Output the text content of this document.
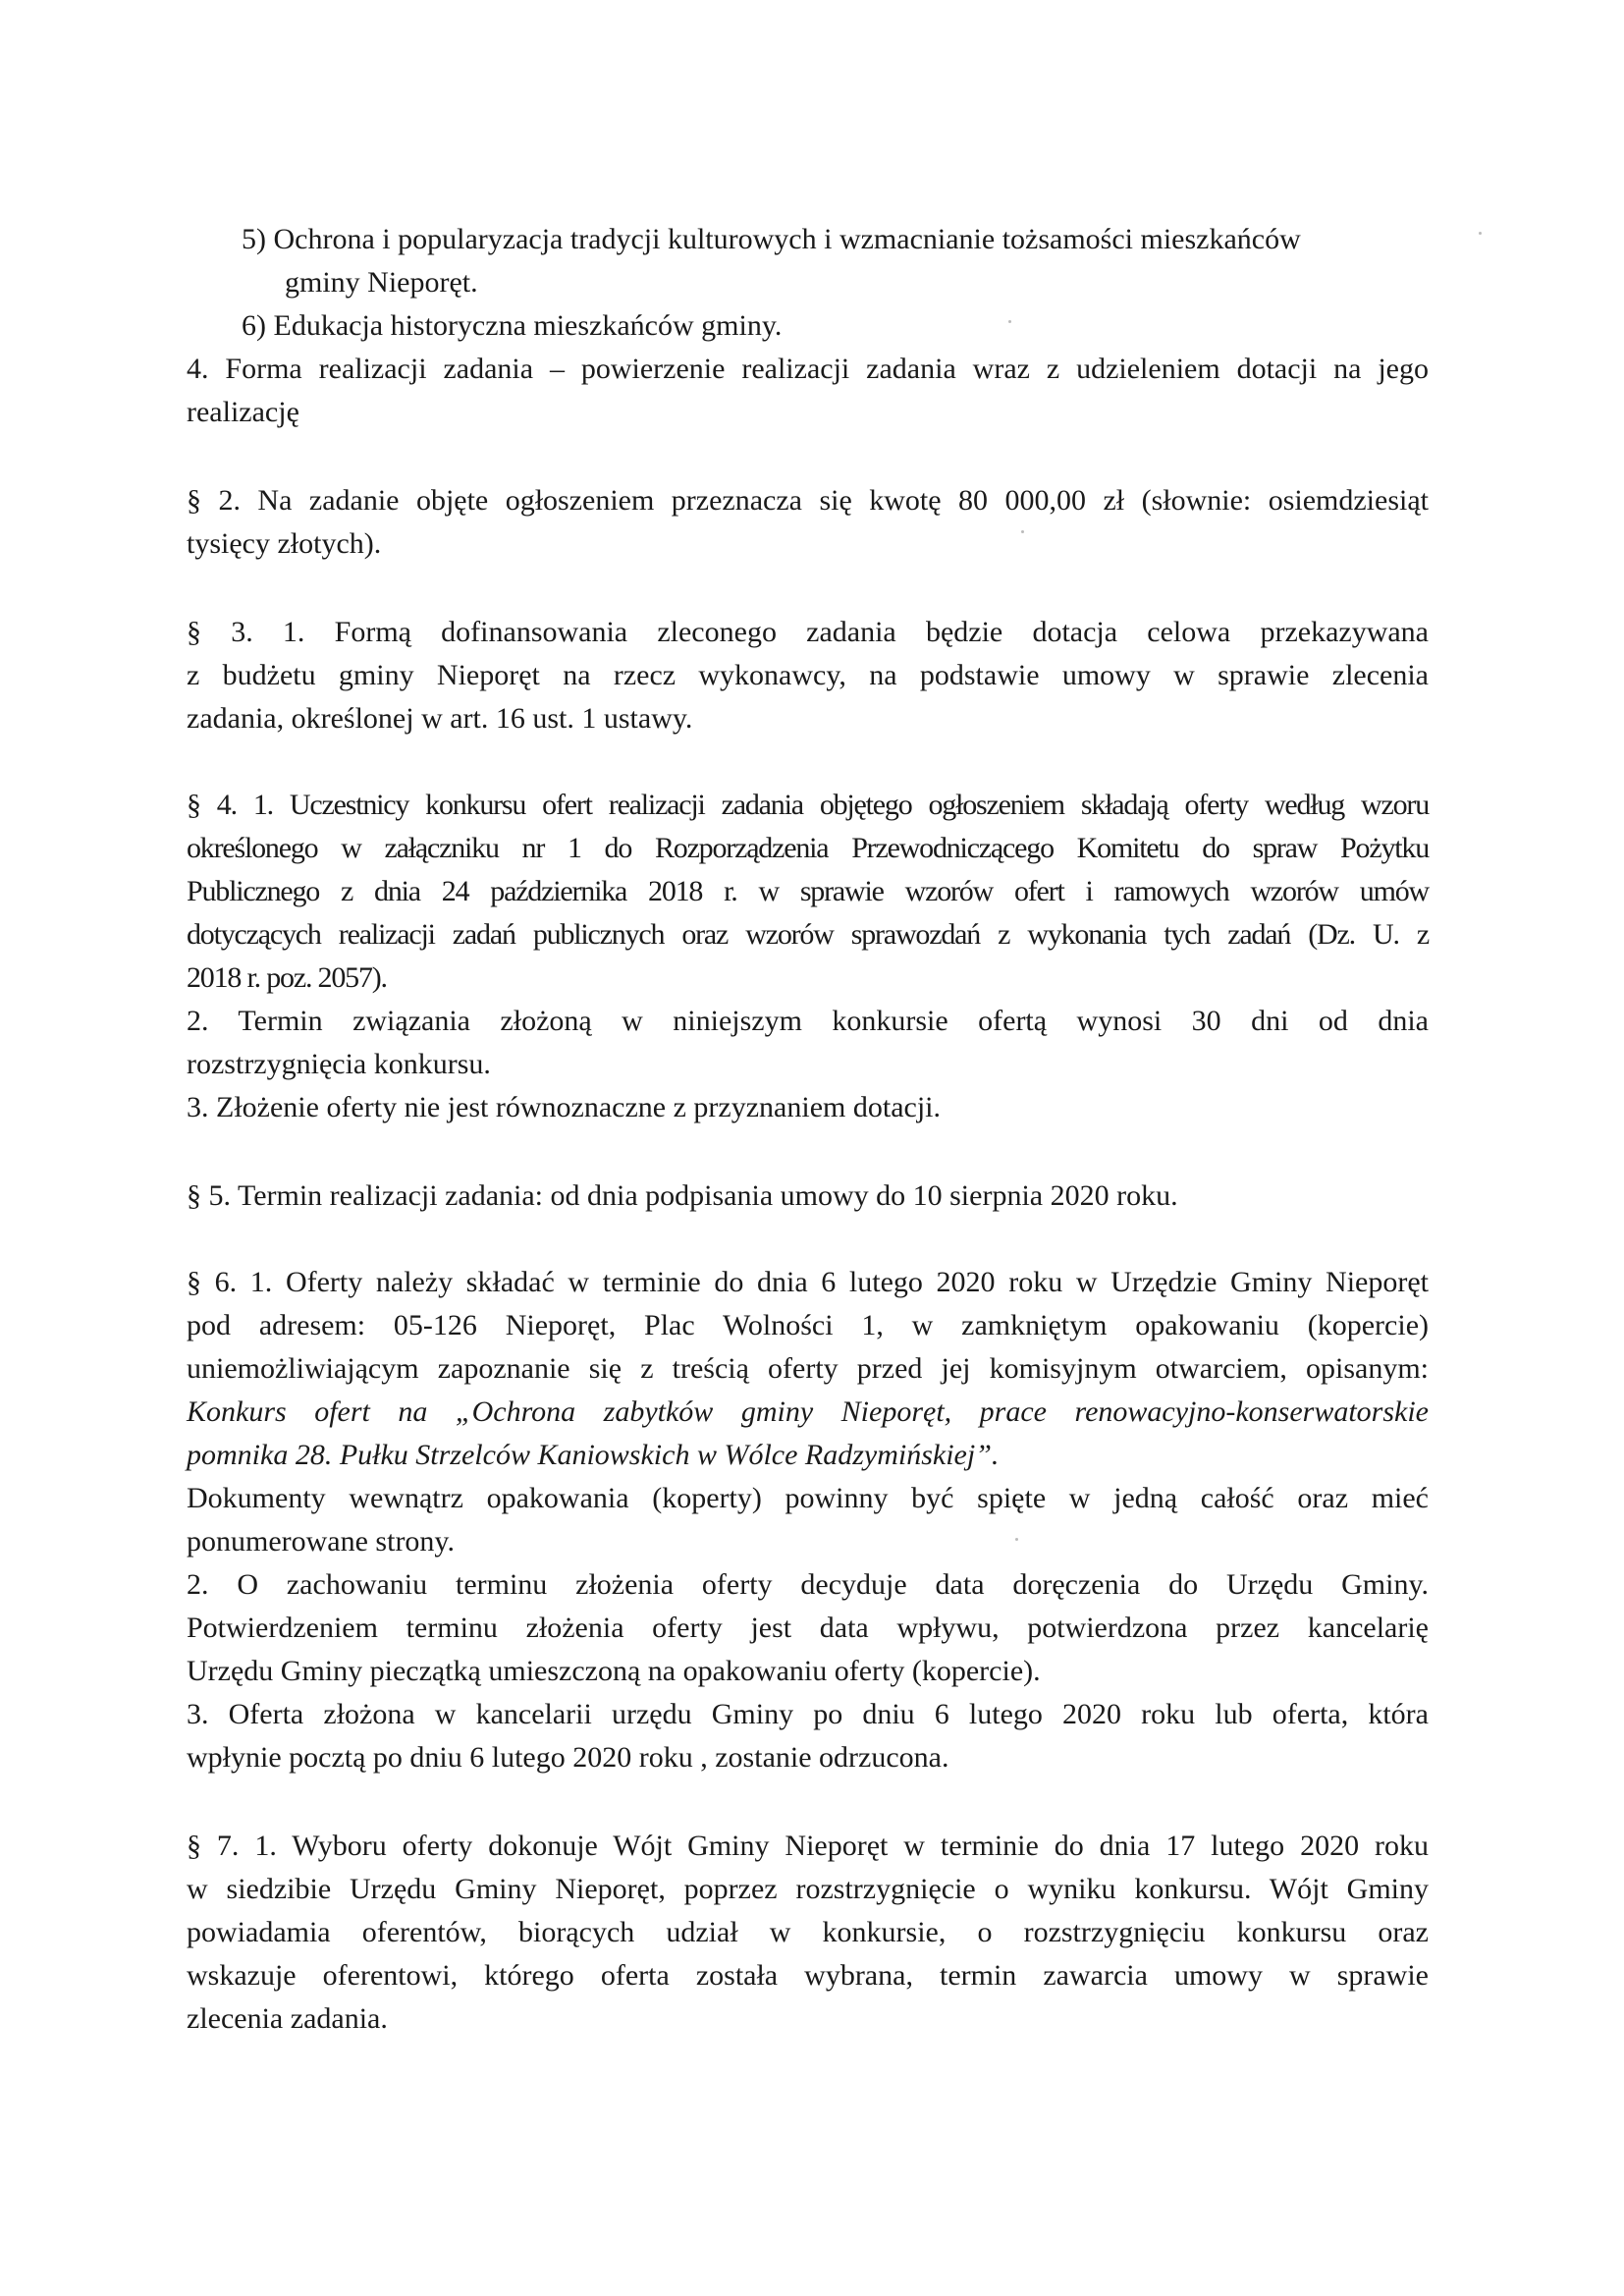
5) Ochrona i popularyzacja tradycji kulturowych i wzmacnianie tożsamości mieszkańców
gminy Nieporęt.
6) Edukacja historyczna mieszkańców gminy.
4. Forma realizacji zadania – powierzenie realizacji zadania wraz z udzieleniem dotacji na jego
realizację
§ 2. Na zadanie objęte ogłoszeniem przeznacza się kwotę 80 000,00 zł (słownie: osiemdziesiąt
tysięcy złotych).
§ 3. 1. Formą dofinansowania zleconego zadania będzie dotacja celowa przekazywana
z budżetu gminy Nieporęt na rzecz wykonawcy, na podstawie umowy w sprawie zlecenia
zadania, określonej w art. 16 ust. 1 ustawy.
§ 4. 1. Uczestnicy konkursu ofert realizacji zadania objętego ogłoszeniem składają oferty według wzoru
określonego w załączniku nr 1 do Rozporządzenia Przewodniczącego Komitetu do spraw Pożytku
Publicznego z dnia 24 października 2018 r. w sprawie wzorów ofert i ramowych wzorów umów
dotyczących realizacji zadań publicznych oraz wzorów sprawozdań z wykonania tych zadań (Dz. U. z
2018 r. poz. 2057).
2. Termin związania złożoną w niniejszym konkursie ofertą wynosi 30 dni od dnia
rozstrzygnięcia konkursu.
3. Złożenie oferty nie jest równoznaczne z przyznaniem dotacji.
§ 5. Termin realizacji zadania: od dnia podpisania umowy do 10 sierpnia 2020 roku.
§ 6. 1. Oferty należy składać w terminie do dnia 6 lutego 2020 roku w Urzędzie Gminy Nieporęt
pod adresem: 05-126 Nieporęt, Plac Wolności 1, w zamkniętym opakowaniu (kopercie)
uniemożliwiającym zapoznanie się z treścią oferty przed jej komisyjnym otwarciem, opisanym:
Konkurs ofert na „Ochrona zabytków gminy Nieporęt, prace renowacyjno-konserwatorskie
pomnika 28. Pułku Strzelców Kaniowskich w Wólce Radzymińskiej”.
Dokumenty wewnątrz opakowania (koperty) powinny być spięte w jedną całość oraz mieć
ponumerowane strony.
2. O zachowaniu terminu złożenia oferty decyduje data doręczenia do Urzędu Gminy.
Potwierdzeniem terminu złożenia oferty jest data wpływu, potwierdzona przez kancelarię
Urzędu Gminy pieczątką umieszczoną na opakowaniu oferty (kopercie).
3. Oferta złożona w kancelarii urzędu Gminy po dniu 6 lutego 2020 roku lub oferta, która
wpłynie pocztą po dniu 6 lutego 2020 roku , zostanie odrzucona.
§ 7. 1. Wyboru oferty dokonuje Wójt Gminy Nieporęt w terminie do dnia 17 lutego 2020 roku
w siedzibie Urzędu Gminy Nieporęt, poprzez rozstrzygnięcie o wyniku konkursu. Wójt Gminy
powiadamia oferentów, biorących udział w konkursie, o rozstrzygnięciu konkursu oraz
wskazuje oferentowi, którego oferta została wybrana, termin zawarcia umowy w sprawie
zlecenia zadania.
